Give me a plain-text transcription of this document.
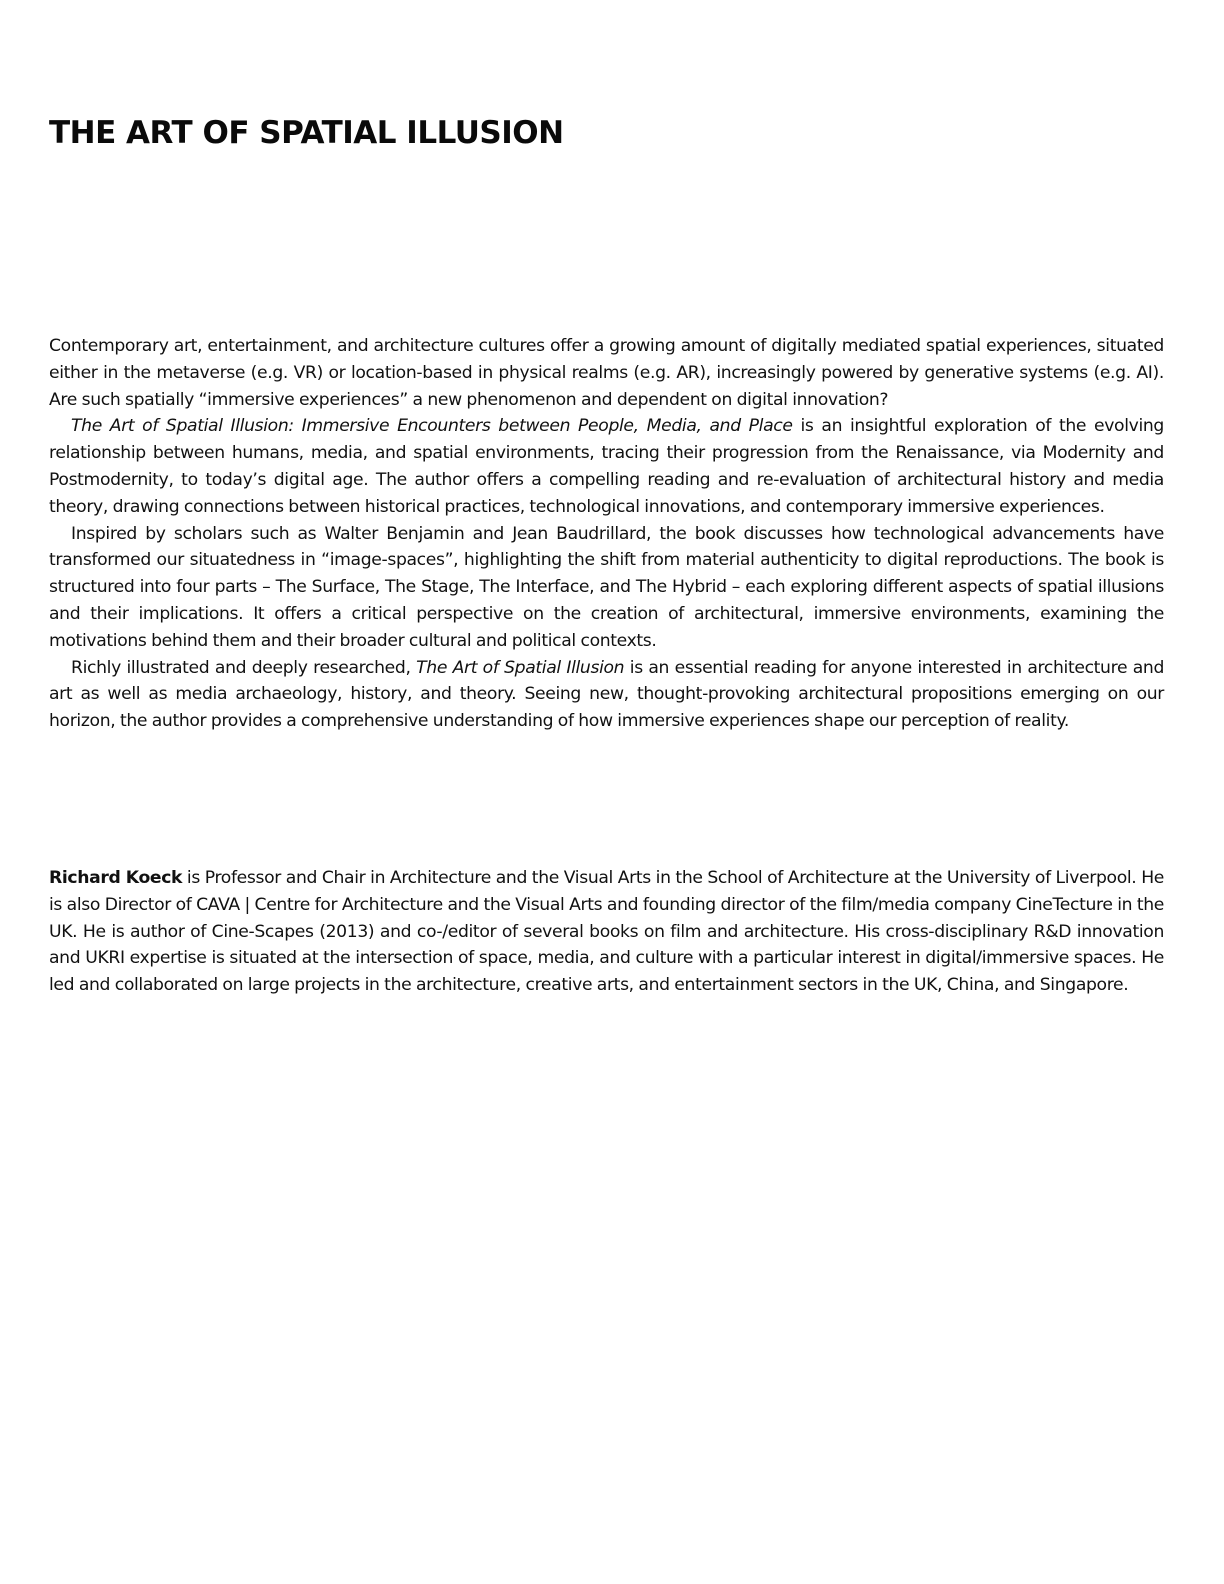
THE ART OF SPATIAL ILLUSION

Contemporary art, entertainment, and architecture cultures offer a growing amount of digitally mediated spatial experiences, situated either in the metaverse (e.g. VR) or location-based in physical realms (e.g. AR), increasingly powered by generative systems (e.g. AI). Are such spatially “immersive experiences” a new phenomenon and dependent on digital innovation?

The Art of Spatial Illusion: Immersive Encounters between People, Media, and Place is an insightful exploration of the evolving relationship between humans, media, and spatial environments, tracing their progression from the Renaissance, via Modernity and Postmodernity, to today’s digital age. The author offers a compelling reading and re-evaluation of architectural history and media theory, drawing connections between historical practices, technological innovations, and contemporary immersive experiences.

Inspired by scholars such as Walter Benjamin and Jean Baudrillard, the book discusses how technological advancements have transformed our situatedness in “image-spaces”, highlighting the shift from material authenticity to digital reproductions. The book is structured into four parts – The Surface, The Stage, The Interface, and The Hybrid – each exploring different aspects of spatial illusions and their implications. It offers a critical perspective on the creation of architectural, immersive environments, examining the motivations behind them and their broader cultural and political contexts.

Richly illustrated and deeply researched, The Art of Spatial Illusion is an essential reading for anyone interested in architecture and art as well as media archaeology, history, and theory. Seeing new, thought-provoking architectural propositions emerging on our horizon, the author provides a comprehensive understanding of how immersive experiences shape our perception of reality.

Richard Koeck is Professor and Chair in Architecture and the Visual Arts in the School of Architecture at the University of Liverpool. He is also Director of CAVA | Centre for Architecture and the Visual Arts and founding director of the film/media company CineTecture in the UK. He is author of Cine-Scapes (2013) and co-/editor of several books on film and architecture. His cross-disciplinary R&D innovation and UKRI expertise is situated at the intersection of space, media, and culture with a particular interest in digital/immersive spaces. He led and collaborated on large projects in the architecture, creative arts, and entertainment sectors in the UK, China, and Singapore.
